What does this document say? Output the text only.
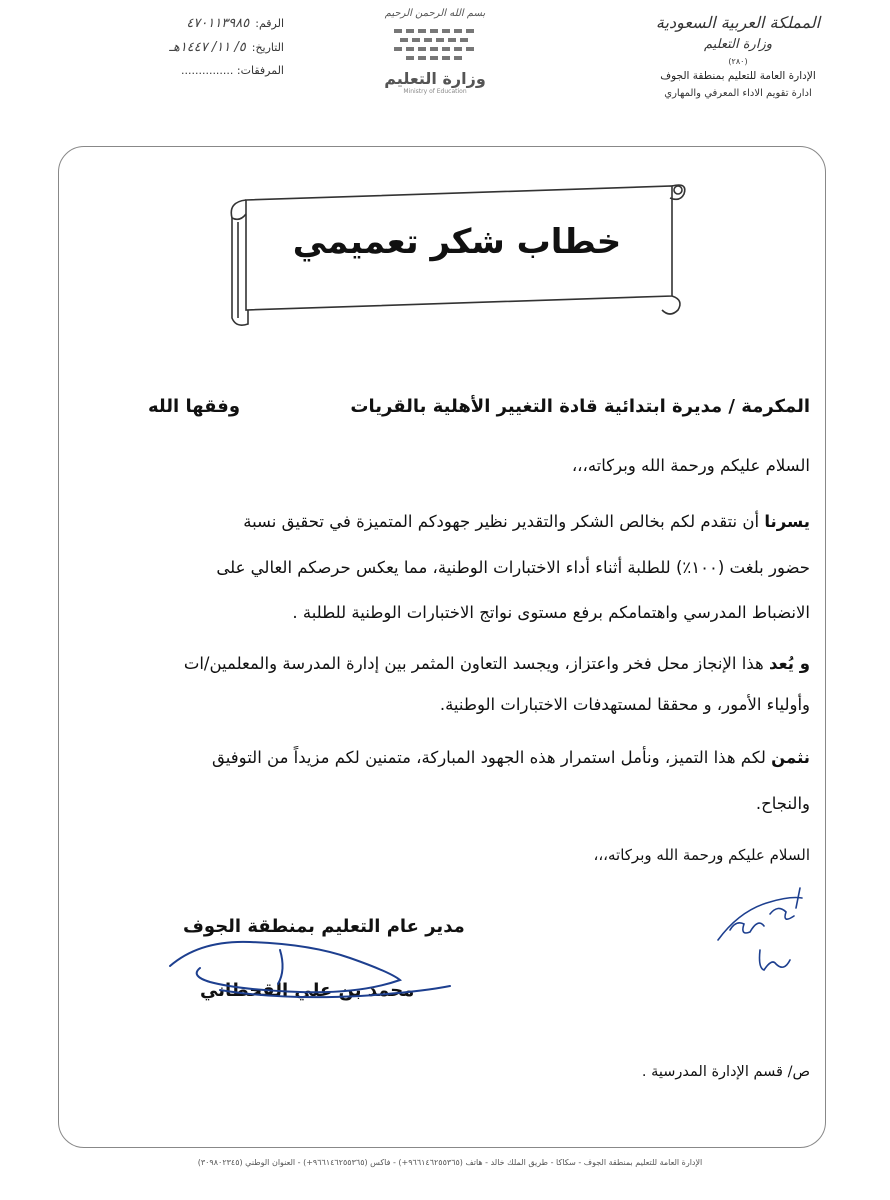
المملكة العربية السعودية
وزارة التعليم
(٢٨٠)
الإدارة العامة للتعليم بمنطقة الجوف
ادارة تقويم الاداء المعرفي والمهاري
بسم الله الرحمن الرحيم
وزارة التعليم
Ministry of Education
الرقم:
٤٧٠١١٣٩٨٥
التاريخ:
٥/ ١١/ ١٤٤٧هـ
المرفقات: ...............
خطاب شكر تعميمي
المكرمة / مديرة ابتدائية قادة التغيير الأهلية بالقريات
وفقها الله
السلام عليكم ورحمة الله وبركاته،،،
يسرنا أن نتقدم لكم بخالص الشكر والتقدير نظير جهودكم المتميزة في تحقيق نسبة
حضور بلغت (١٠٠٪) للطلبة أثناء أداء الاختبارات الوطنية، مما يعكس حرصكم العالي على
الانضباط المدرسي واهتمامكم برفع مستوى نواتج الاختبارات الوطنية للطلبة .
و يُعد هذا الإنجاز محل فخر واعتزاز، ويجسد التعاون المثمر بين إدارة المدرسة والمعلمين/ات
وأولياء الأمور، و محققا لمستهدفات الاختبارات الوطنية.
نثمن لكم هذا التميز، ونأمل استمرار هذه الجهود المباركة، متمنين لكم مزيداً من التوفيق
والنجاح.
السلام عليكم ورحمة الله وبركاته،،،
مدير عام التعليم بمنطقة الجوف
محمد بن علي القحطاني
ص/ قسم الإدارة المدرسية .
الإدارة العامة للتعليم بمنطقة الجوف - سكاكا - طريق الملك خالد - هاتف (٩٦٦١٤٦٢٥٥٣٦٥+) - فاكس (٩٦٦١٤٦٢٥٥٣٦٥+) - العنوان الوطني (٣٠٩٨٠٢٣٤٥)
